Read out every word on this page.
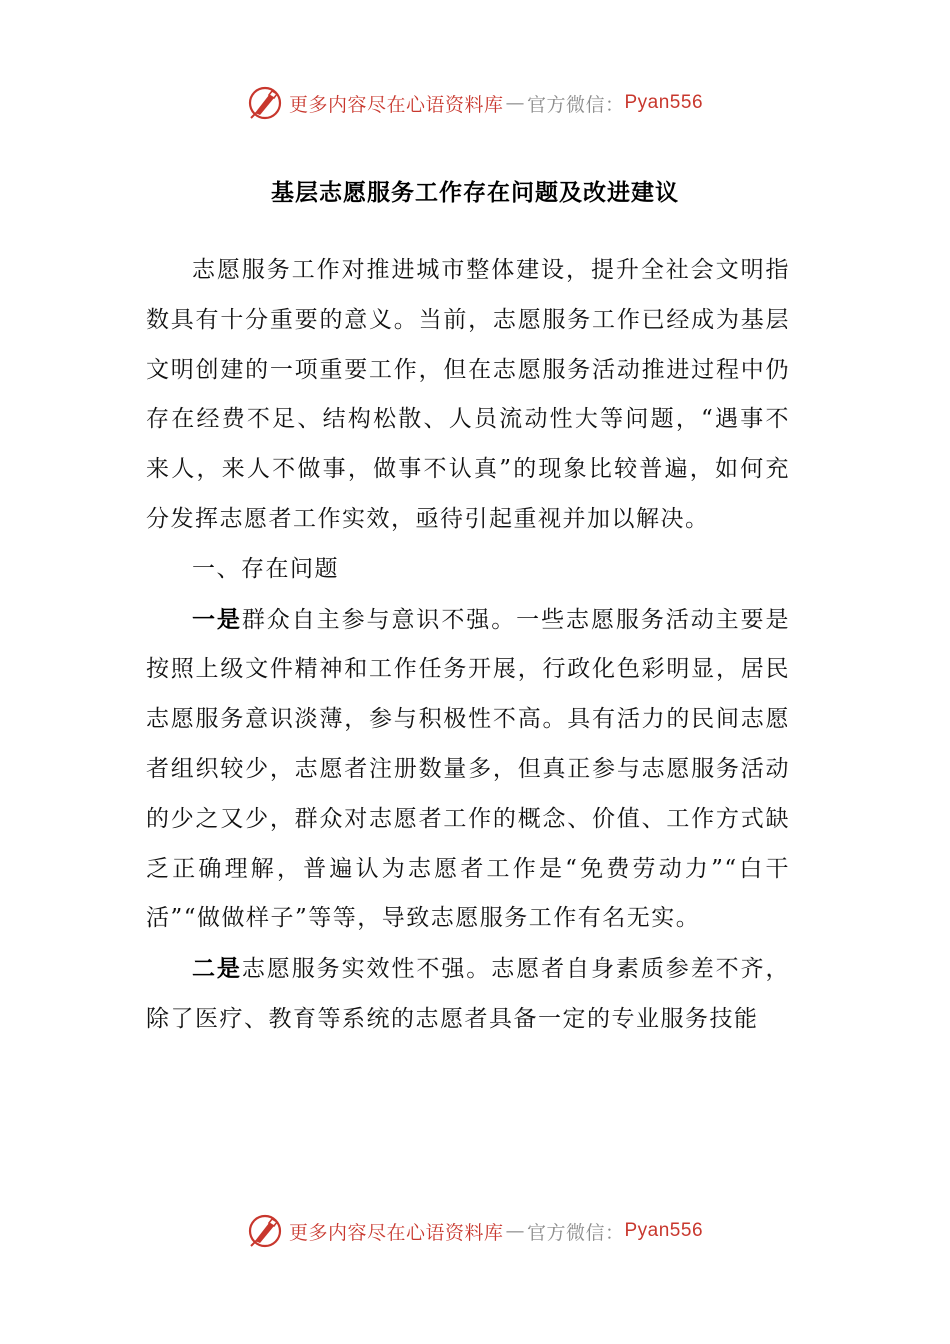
更多内容尽在心语资料库 — 官方微信： Pyan556
基层志愿服务工作存在问题及改进建议

志愿服务工作对推进城市整体建设，提升全社会文明指数具有十分重要的意义。当前，志愿服务工作已经成为基层文明创建的一项重要工作，但在志愿服务活动推进过程中仍存在经费不足、结构松散、人员流动性大等问题，“遇事不来人，来人不做事，做事不认真”的现象比较普遍，如何充分发挥志愿者工作实效，亟待引起重视并加以解决。

一、存在问题

一是群众自主参与意识不强。一些志愿服务活动主要是按照上级文件精神和工作任务开展，行政化色彩明显，居民志愿服务意识淡薄，参与积极性不高。具有活力的民间志愿者组织较少，志愿者注册数量多，但真正参与志愿服务活动的少之又少，群众对志愿者工作的概念、价值、工作方式缺乏正确理解，普遍认为志愿者工作是“免费劳动力”“白干活”“做做样子”等等，导致志愿服务工作有名无实。

二是志愿服务实效性不强。志愿者自身素质参差不齐，除了医疗、教育等系统的志愿者具备一定的专业服务技能

更多内容尽在心语资料库 — 官方微信： Pyan556
